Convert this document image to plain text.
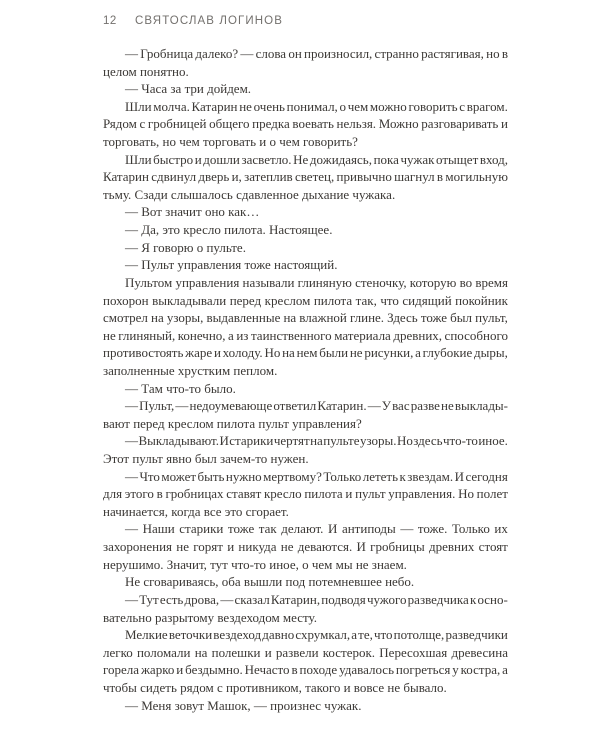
12 СВЯТОСЛАВ ЛОГИНОВ
— Гробница далеко? — слова он произносил, странно растягивая, но в
целом понятно.
— Часа за три дойдем.
Шли молча. Катарин не очень понимал, о чем можно говорить с врагом.
Рядом с гробницей общего предка воевать нельзя. Можно разговаривать и
торговать, но чем торговать и о чем говорить?
Шли быстро и дошли засветло. Не дожидаясь, пока чужак отыщет вход,
Катарин сдвинул дверь и, затеплив светец, привычно шагнул в могильную
тьму. Сзади слышалось сдавленное дыхание чужака.
— Вот значит оно как…
— Да, это кресло пилота. Настоящее.
— Я говорю о пульте.
— Пульт управления тоже настоящий.
Пультом управления называли глиняную стеночку, которую во время
похорон выкладывали перед креслом пилота так, что сидящий покойник
смотрел на узоры, выдавленные на влажной глине. Здесь тоже был пульт,
не глиняный, конечно, а из таинственного материала древних, способного
противостоять жаре и холоду. Но на нем были не рисунки, а глубокие дыры,
заполненные хрустким пеплом.
— Там что-то было.
— Пульт, — недоумевающе ответил Катарин. — У вас разве не выклады-
вают перед креслом пилота пульт управления?
— Выкладывают. И старики чертят на пульте узоры. Но здесь что-то иное.
Этот пульт явно был зачем-то нужен.
— Что может быть нужно мертвому? Только лететь к звездам. И сегодня
для этого в гробницах ставят кресло пилота и пульт управления. Но полет
начинается, когда все это сгорает.
— Наши старики тоже так делают. И антиподы — тоже. Только их
захоронения не горят и никуда не деваются. И гробницы древних стоят
нерушимо. Значит, тут что-то иное, о чем мы не знаем.
Не сговариваясь, оба вышли под потемневшее небо.
— Тут есть дрова, — сказал Катарин, подводя чужого разведчика к осно-
вательно разрытому вездеходом месту.
Мелкие веточки вездеход давно схрумкал, а те, что потолще, разведчики
легко поломали на полешки и развели костерок. Пересохшая древесина
горела жарко и бездымно. Нечасто в походе удавалось погреться у костра, а
чтобы сидеть рядом с противником, такого и вовсе не бывало.
— Меня зовут Машок, — произнес чужак.
